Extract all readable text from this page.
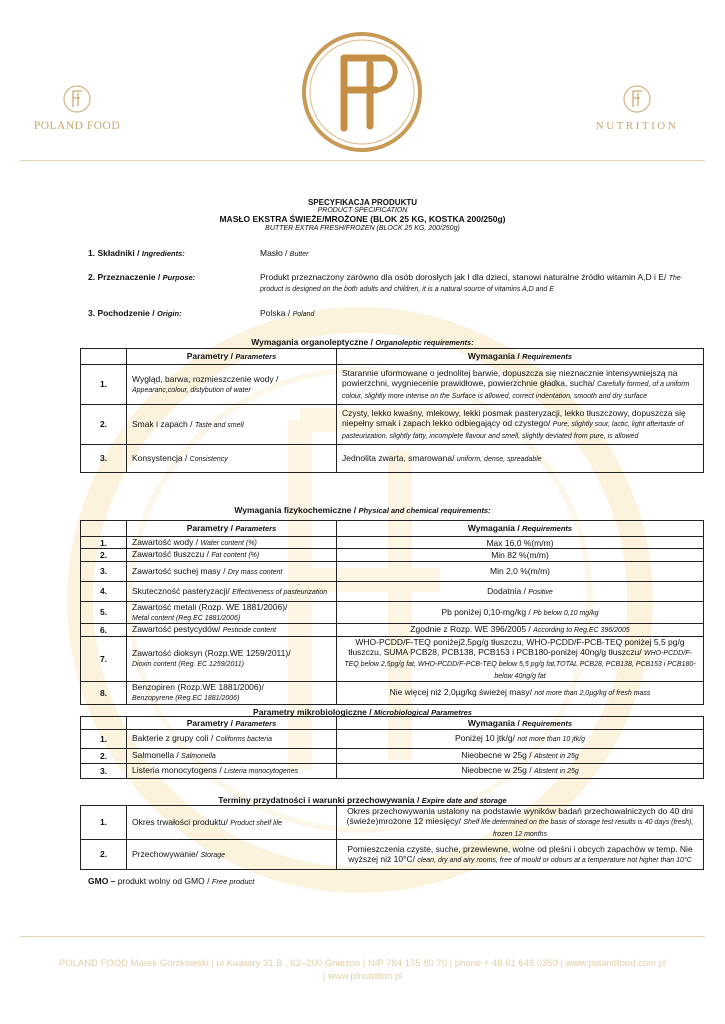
POLAND FOOD	NUTRITION
SPECYFIKACJA PRODUKTU
PRODUCT SPECIFICATION
MASŁO EKSTRA ŚWIEŻE/MROŻONE (BLOK 25 KG, KOSTKA 200/250g)
BUTTER EXTRA FRESH/FROZEN (BLOCK 25 KG, 200/250g)
1. Składniki / Ingredients:	Masło / Butter
2. Przeznaczenie / Purpose:	Produkt przeznaczony zarówno dla osób dorosłych jak I dla dzieci, stanowi naturalne źródło witamin A,D i E/ The product is designed on the both adults and children, it is a natural source of vitamins A,D and E
3. Pochodzenie / Origin:	Polska / Poland
Wymagania organoleptyczne / Organoleptic requirements:
	Parametry / Parameters	Wymagania / Requirements
1.	Wygląd, barwa, rozmieszczenie wody /
Appearanc,colour, distybution of water	Starannie uformowane o jednolitej barwie, dopuszcza się nieznacznie intensywniejszą na powierzchni, wygniecenie prawidłowe, powierzchnie gładka, sucha/ Carefully formed, of a uniform colour, slightly more intense on the Surface is allowed, correct indentation, smooth and dry surface
2.	Smak i zapach / Taste and smell	Czysty, lekko kwaśny, mlekowy, lekki posmak pasteryzacji, lekko tłuszczowy, dopuszcza się niepełny smak i zapach lekko odbiegający od czystego/ Pure, slightly sour, lactic, light aftertaste of pasteurization, slightly fatty, incomplete flavour and smell, slightly deviated from pure, is allowed
3.	Konsystencja / Consistency	Jednolita zwarta, smarowana/ uniform, dense, spreadable
Wymagania fizykochemiczne / Physical and chemical requirements:
	Parametry / Parameters	Wymagania / Requirements
1.	Zawartość wody / Water content (%)	Max 16,0 %(m/m)
2.	Zawartość tłuszczu / Fat content (%)	Min 82 %(m/m)
3.	Zawartość suchej masy / Dry mass content	Min 2,0 %(m/m)
4.	Skuteczność pasteryzacji/ Effectiveness of pasteurization	Dodatnia / Positive
5.	Zawartość metali (Rozp. WE 1881/2006)/
Metal content (Reg.EC 1881/2006)	Pb poniżej 0,10-mg/kg / Pb below 0,10 mg/kg
6.	Zawartość pestycydów/ Pesticide content	Zgodnie z Rozp. WE 396/2005 / According to Reg.EC 396/2005
7.	Zawartość dioksyn (Rozp.WE 1259/2011)/
Dioxin content (Reg. EC 1259/2011)	WHO-PCDD/F-TEQ poniżej2,5pg/g tłuszczu, WHO-PCDD/F-PCB-TEQ poniżej 5,5 pg/g tłuszczu, SUMA PCB28, PCB138, PCB153 i PCB180-poniżej 40ng/g tłuszczu/ WHO-PCDD/F-TEQ below 2,5pg/g fat, WHO-PCDD/F-PCB-TEQ below 5,5 pg/g fat,TOTAL PCB28, PCB138, PCB153 i PCB180-below 40ng/g fat
8.	Benzopiren (Rozp.WE 1881/2006)/
Benzopyrene (Reg.EC 1881/2006)	Nie więcej niż 2,0µg/kg świeżej masy/ not more than 2,0µg/kg of fresh mass
Parametry mikrobiologiczne / Microbiological Parametres
	Parametry / Parameters	Wymagania / Requirements
1.	Bakterie z grupy coli / Coliforms bacteria	Poniżej 10 jtk/g/ not more than 10 jtk/g
2.	Salmonella / Salmonella	Nieobecne w 25g / Abstent in 25g
3.	Listeria monocytogens / Listeria monocytogenes	Nieobecne w 25g / Abstent in 25g
Terminy przydatności i warunki przechowywania / Expire date and storage
1.	Okres trwałości produktu/ Product shelf life	Okres przechowywania ustalony na podstawie wyników badań przechowalniczych do 40 dni (świeże)mrożone 12 miesięcy/ Shelf life determined on the basis of storage test results is 40 days (fresh), frozen 12 months
2.	Przechowywanie/ Storage	Pomieszczenia czyste, suche, przewiewne, wolne od pleśni i obcych zapachów w temp. Nie wyższej niż 10°C/ clean, dry and airy rooms, free of mould or odours at a temperature not higher than 10°C
GMO – produkt wolny od GMO / Free product
POLAND FOOD Marek Gorzkowski | ul.Kawiary 31 B , 62–200 Gniezno | NIP 784 175 80 70 | phone + 48 61 646 0359 | www.polandfood.com.pl
| www.pfnutrition.pl
